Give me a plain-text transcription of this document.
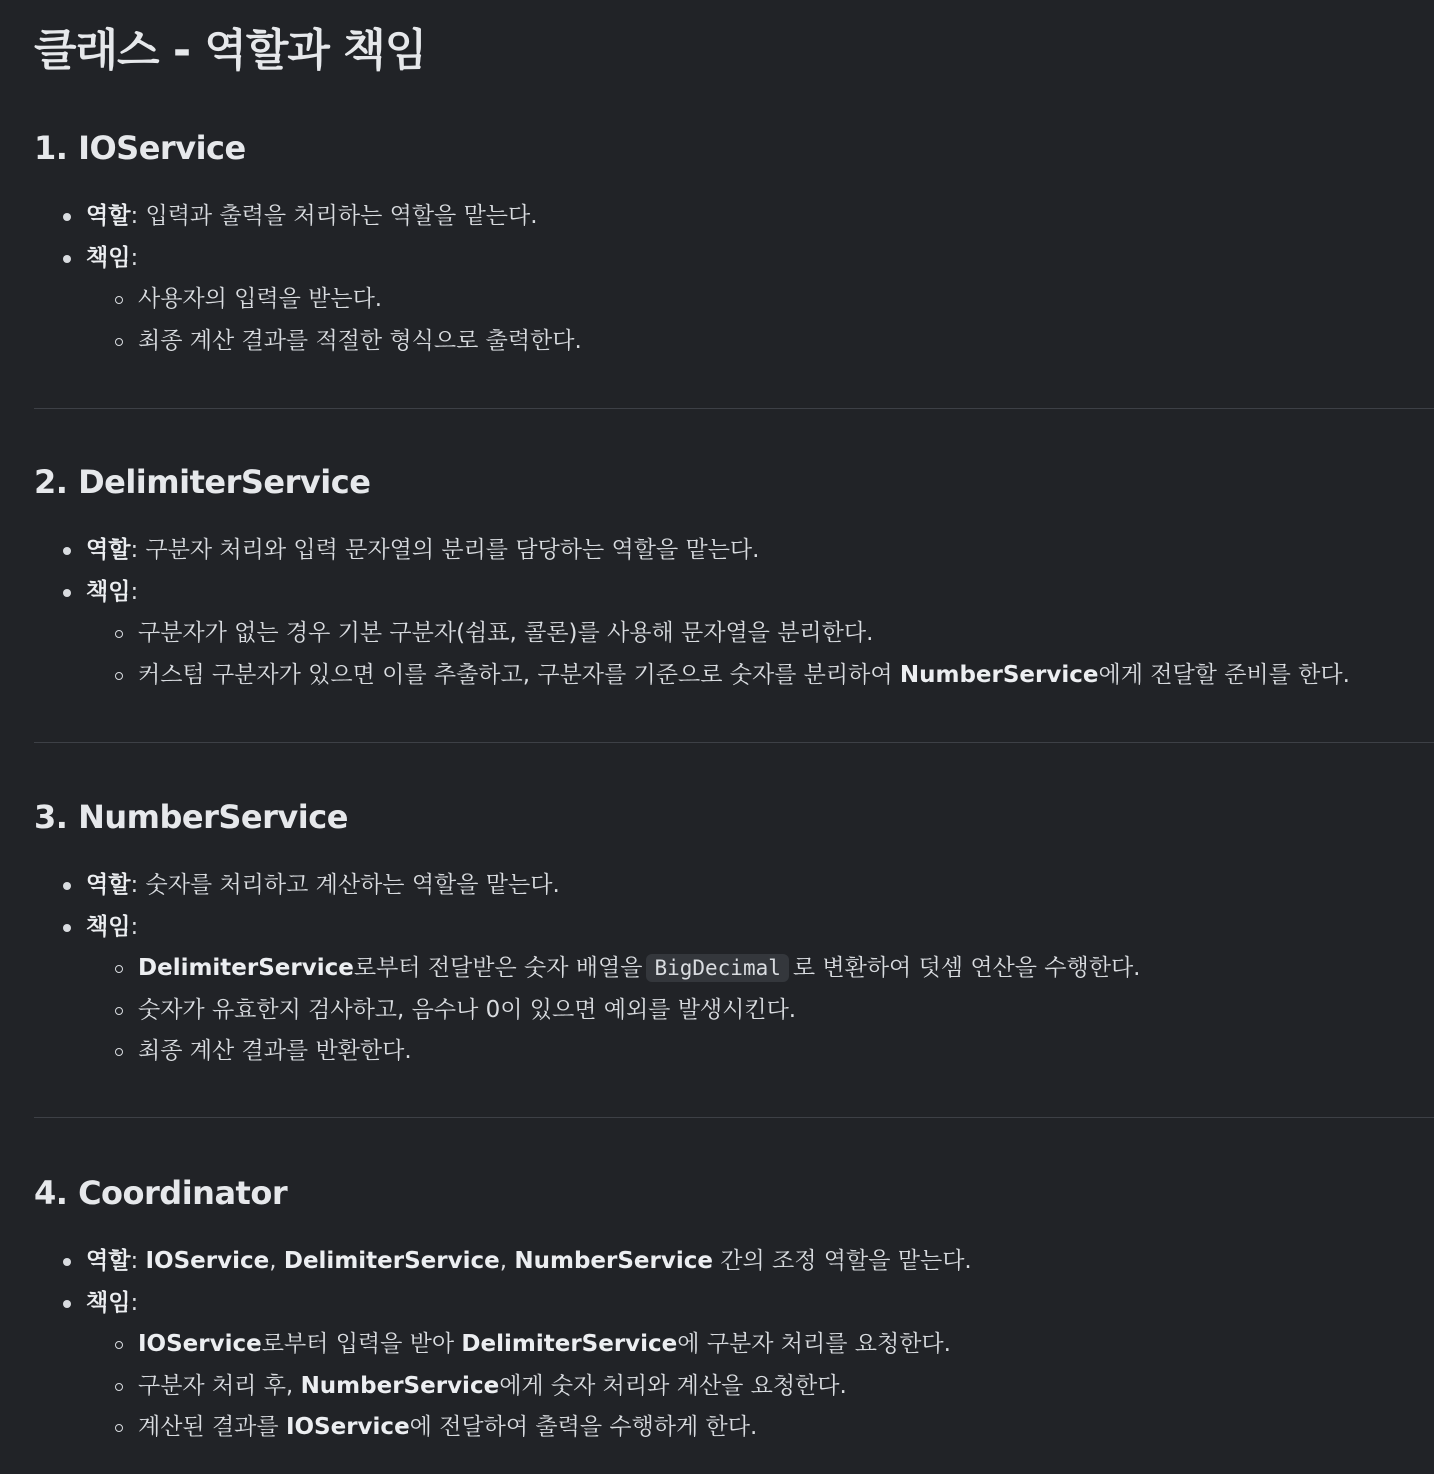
클래스 - 역할과 책임
1. IOService
역할: 입력과 출력을 처리하는 역할을 맡는다.
책임:
사용자의 입력을 받는다.
최종 계산 결과를 적절한 형식으로 출력한다.
2. DelimiterService
역할: 구분자 처리와 입력 문자열의 분리를 담당하는 역할을 맡는다.
책임:
구분자가 없는 경우 기본 구분자(쉼표, 콜론)를 사용해 문자열을 분리한다.
커스텀 구분자가 있으면 이를 추출하고, 구분자를 기준으로 숫자를 분리하여 NumberService에게 전달할 준비를 한다.
3. NumberService
역할: 숫자를 처리하고 계산하는 역할을 맡는다.
책임:
DelimiterService로부터 전달받은 숫자 배열을 BigDecimal 로 변환하여 덧셈 연산을 수행한다.
숫자가 유효한지 검사하고, 음수나 0이 있으면 예외를 발생시킨다.
최종 계산 결과를 반환한다.
4. Coordinator
역할: IOService, DelimiterService, NumberService 간의 조정 역할을 맡는다.
책임:
IOService로부터 입력을 받아 DelimiterService에 구분자 처리를 요청한다.
구분자 처리 후, NumberService에게 숫자 처리와 계산을 요청한다.
계산된 결과를 IOService에 전달하여 출력을 수행하게 한다.
